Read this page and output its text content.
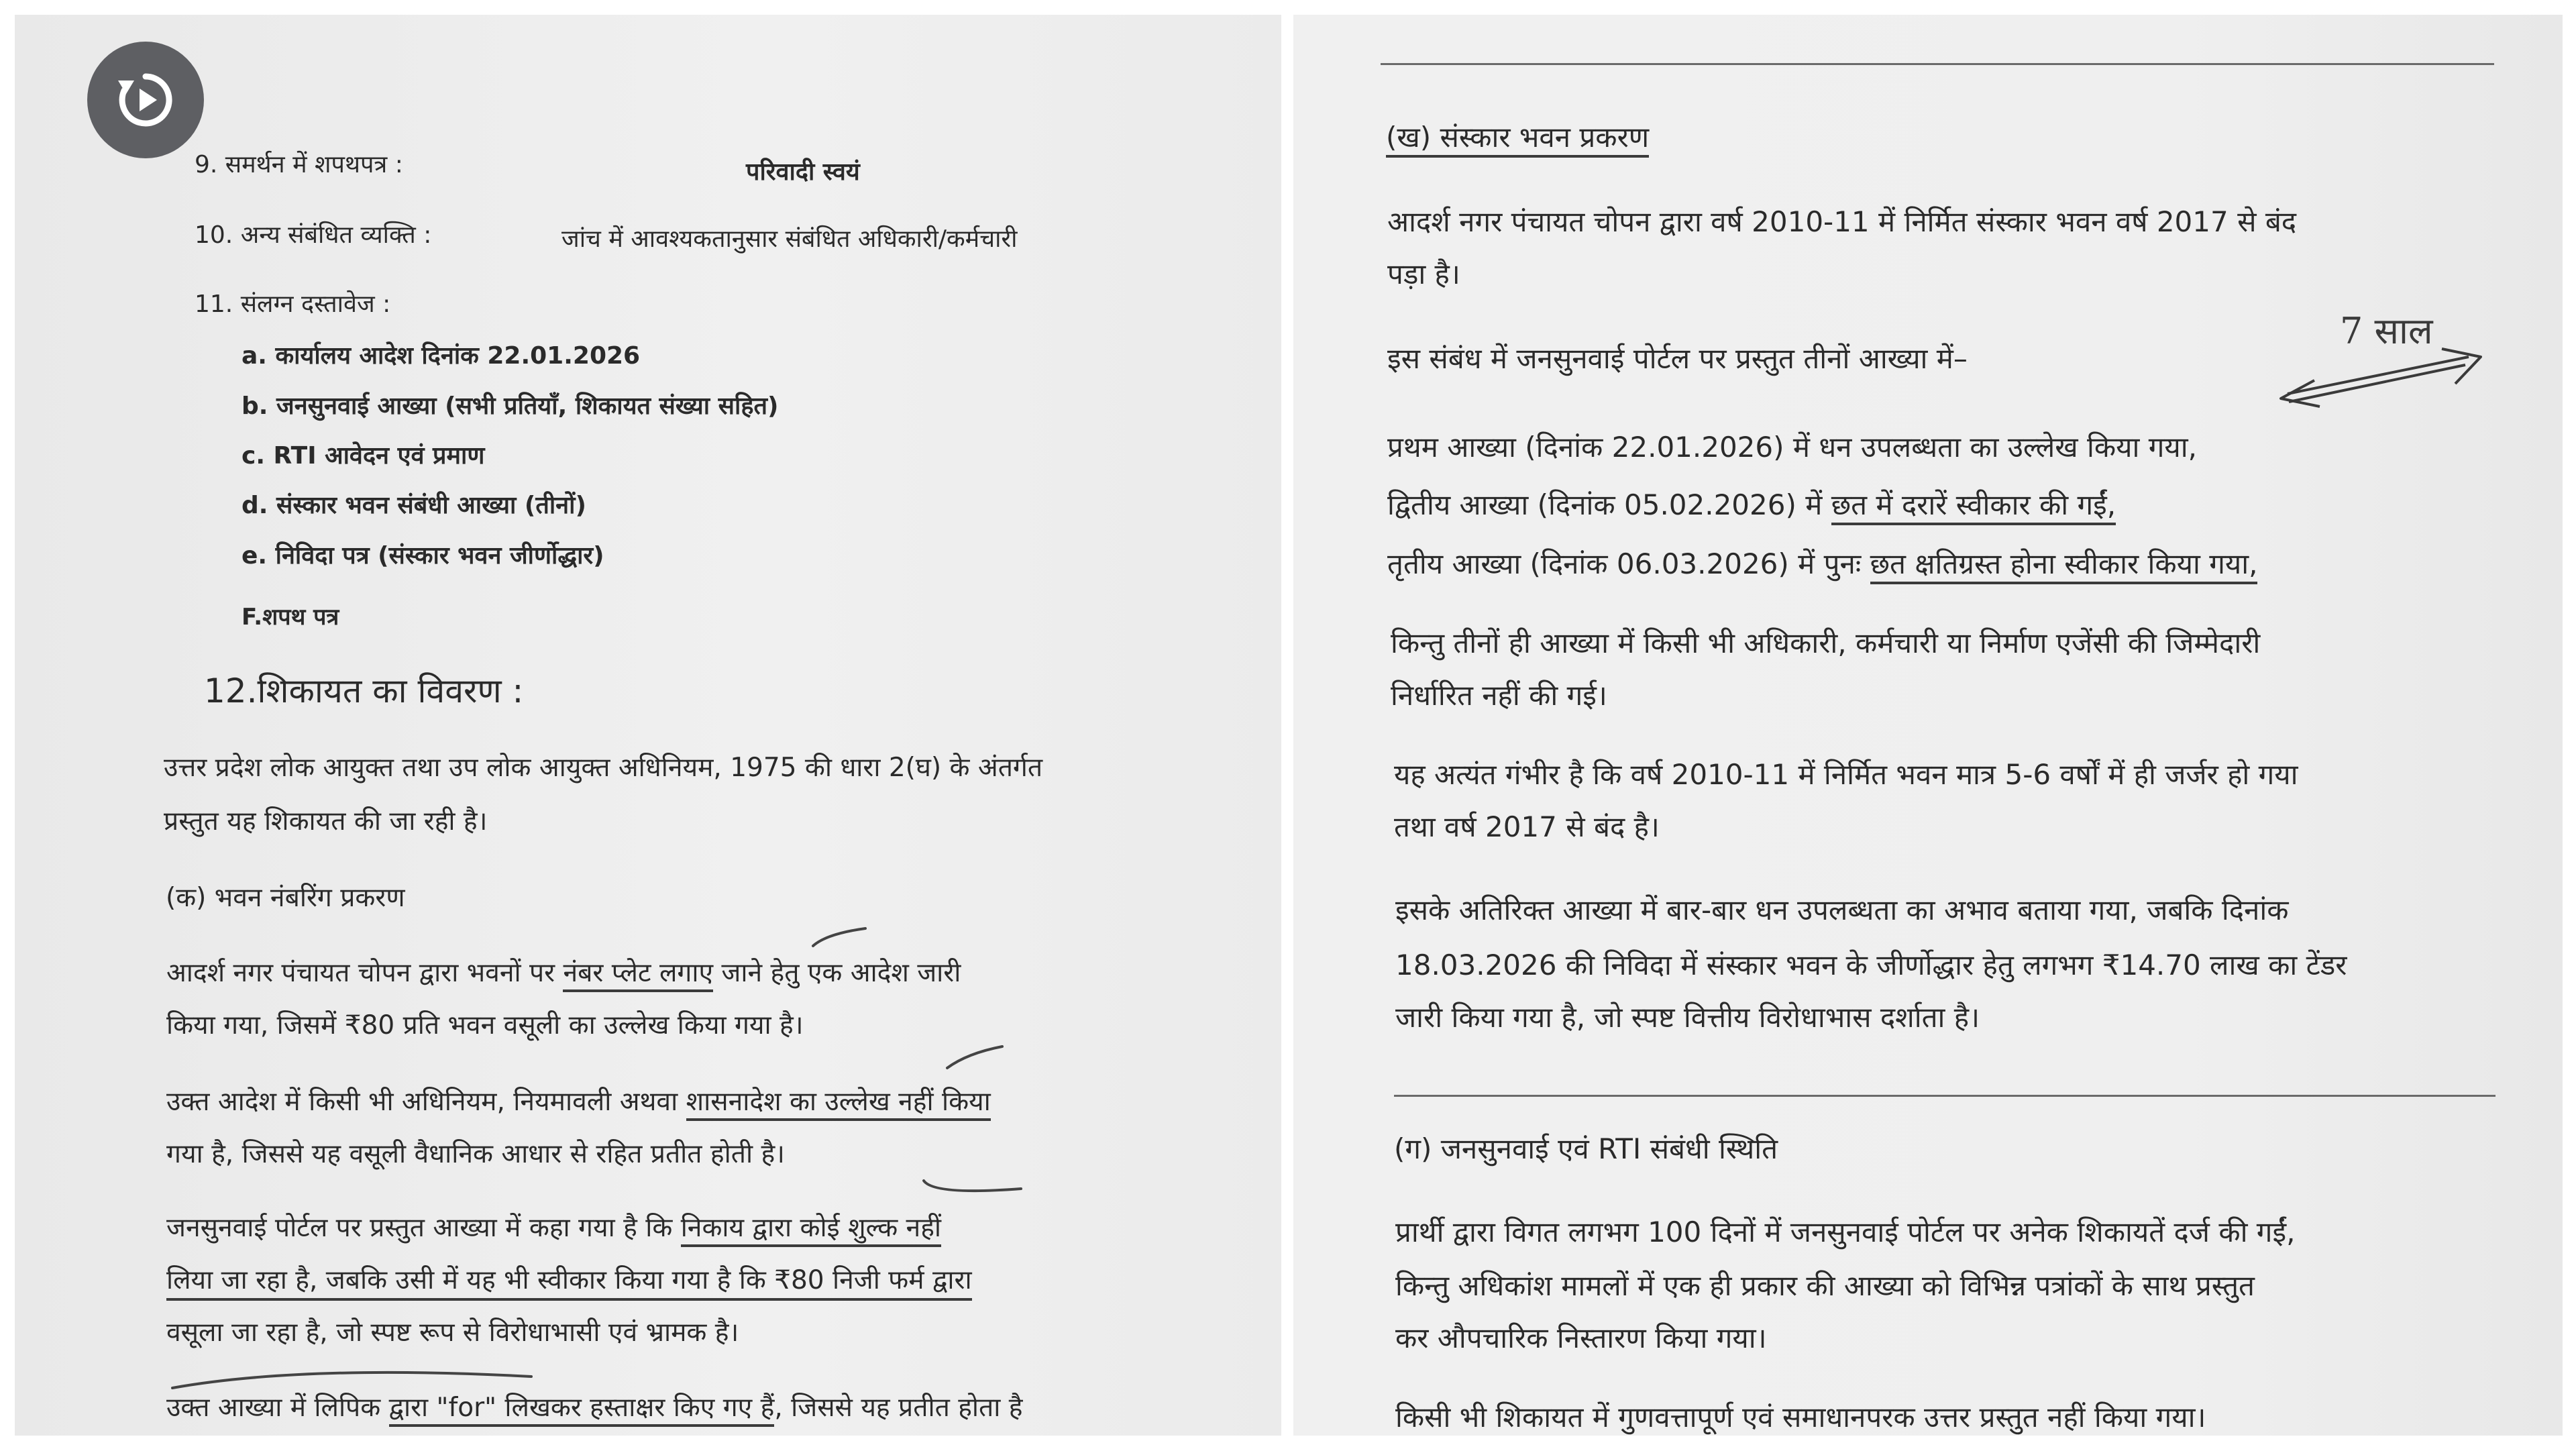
9. समर्थन में शपथपत्र :	परिवादी स्वयं
10. अन्य संबंधित व्यक्ति :	जांच में आवश्यकतानुसार संबंधित अधिकारी/कर्मचारी
11. संलग्न दस्तावेज :
a. कार्यालय आदेश दिनांक 22.01.2026
b. जनसुनवाई आख्या (सभी प्रतियाँ, शिकायत संख्या सहित)
c. RTI आवेदन एवं प्रमाण
d. संस्कार भवन संबंधी आख्या (तीनों)
e. निविदा पत्र (संस्कार भवन जीर्णोद्धार)
F.शपथ पत्र
12.शिकायत का विवरण :
उत्तर प्रदेश लोक आयुक्त तथा उप लोक आयुक्त अधिनियम, 1975 की धारा 2(घ) के अंतर्गत
प्रस्तुत यह शिकायत की जा रही है।
(क) भवन नंबरिंग प्रकरण
आदर्श नगर पंचायत चोपन द्वारा भवनों पर नंबर प्लेट लगाए जाने हेतु एक आदेश जारी
किया गया, जिसमें ₹80 प्रति भवन वसूली का उल्लेख किया गया है।
उक्त आदेश में किसी भी अधिनियम, नियमावली अथवा शासनादेश का उल्लेख नहीं किया
गया है, जिससे यह वसूली वैधानिक आधार से रहित प्रतीत होती है।
जनसुनवाई पोर्टल पर प्रस्तुत आख्या में कहा गया है कि निकाय द्वारा कोई शुल्क नहीं
लिया जा रहा है, जबकि उसी में यह भी स्वीकार किया गया है कि ₹80 निजी फर्म द्वारा
वसूला जा रहा है, जो स्पष्ट रूप से विरोधाभासी एवं भ्रामक है।
उक्त आख्या में लिपिक द्वारा "for" लिखकर हस्ताक्षर किए गए हैं, जिससे यह प्रतीत होता है
(ख) संस्कार भवन प्रकरण
आदर्श नगर पंचायत चोपन द्वारा वर्ष 2010-11 में निर्मित संस्कार भवन वर्ष 2017 से बंद
पड़ा है।
इस संबंध में जनसुनवाई पोर्टल पर प्रस्तुत तीनों आख्या में–
7 साल
प्रथम आख्या (दिनांक 22.01.2026) में धन उपलब्धता का उल्लेख किया गया,
द्वितीय आख्या (दिनांक 05.02.2026) में छत में दरारें स्वीकार की गईं,
तृतीय आख्या (दिनांक 06.03.2026) में पुनः छत क्षतिग्रस्त होना स्वीकार किया गया,
किन्तु तीनों ही आख्या में किसी भी अधिकारी, कर्मचारी या निर्माण एजेंसी की जिम्मेदारी
निर्धारित नहीं की गई।
यह अत्यंत गंभीर है कि वर्ष 2010-11 में निर्मित भवन मात्र 5-6 वर्षों में ही जर्जर हो गया
तथा वर्ष 2017 से बंद है।
इसके अतिरिक्त आख्या में बार-बार धन उपलब्धता का अभाव बताया गया, जबकि दिनांक
18.03.2026 की निविदा में संस्कार भवन के जीर्णोद्धार हेतु लगभग ₹14.70 लाख का टेंडर
जारी किया गया है, जो स्पष्ट वित्तीय विरोधाभास दर्शाता है।
(ग) जनसुनवाई एवं RTI संबंधी स्थिति
प्रार्थी द्वारा विगत लगभग 100 दिनों में जनसुनवाई पोर्टल पर अनेक शिकायतें दर्ज की गईं,
किन्तु अधिकांश मामलों में एक ही प्रकार की आख्या को विभिन्न पत्रांकों के साथ प्रस्तुत
कर औपचारिक निस्तारण किया गया।
किसी भी शिकायत में गुणवत्तापूर्ण एवं समाधानपरक उत्तर प्रस्तुत नहीं किया गया।
